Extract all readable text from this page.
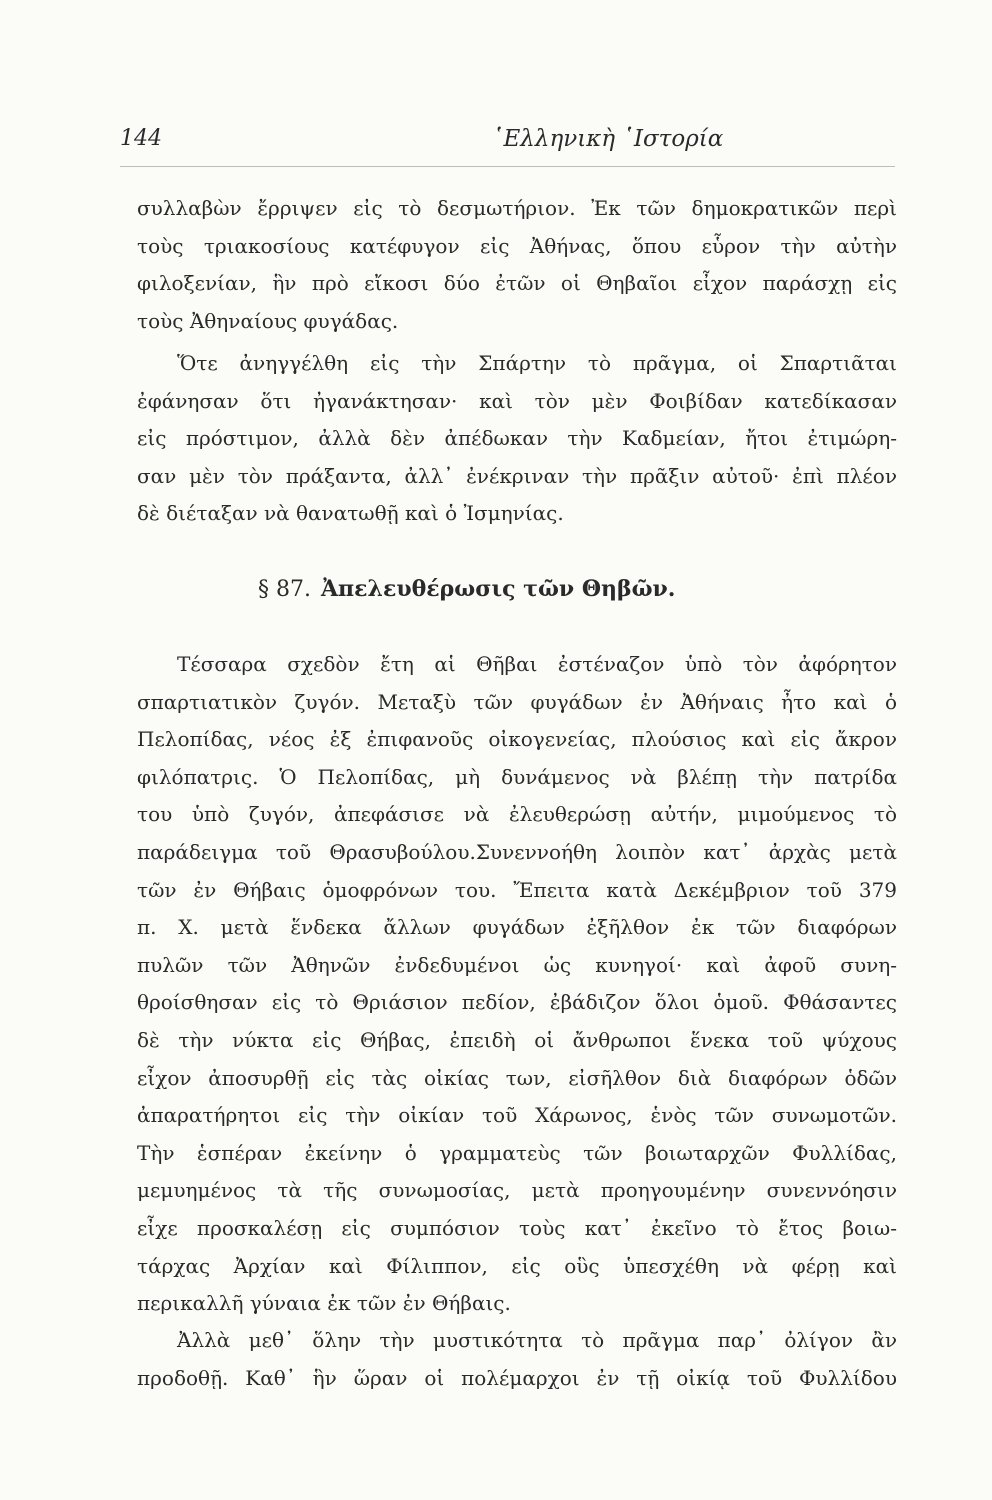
144	῾Ελληνικὴ ῾Ιστορία
συλλαβὼν ἔρριψεν εἰς τὸ δεσμωτήριον. Ἐκ τῶν δημοκρατικῶν περὶ
τοὺς τριακοσίους κατέφυγον εἰς Ἀθήνας, ὅπου εὗρον τὴν αὐτὴν
φιλοξενίαν, ἣν πρὸ εἴκοσι δύο ἐτῶν οἱ Θηβαῖοι εἶχον παράσχῃ εἰς
τοὺς Ἀθηναίους φυγάδας.
Ὅτε ἀνηγγέλθη εἰς τὴν Σπάρτην τὸ πρᾶγμα, οἱ Σπαρτιᾶται
ἐφάνησαν ὅτι ἠγανάκτησαν· καὶ τὸν μὲν Φοιβίδαν κατεδίκασαν
εἰς πρόστιμον, ἀλλὰ δὲν ἀπέδωκαν τὴν Καδμείαν, ἤτοι ἐτιμώρη-
σαν μὲν τὸν πράξαντα, ἀλλ᾽ ἐνέκριναν τὴν πρᾶξιν αὐτοῦ· ἐπὶ πλέον
δὲ διέταξαν νὰ θανατωθῇ καὶ ὁ Ἰσμηνίας.
§ 87. Ἀπελευθέρωσις τῶν Θηβῶν.
Τέσσαρα σχεδὸν ἔτη αἱ Θῆβαι ἐστέναζον ὑπὸ τὸν ἀφόρητον
σπαρτιατικὸν ζυγόν. Μεταξὺ τῶν φυγάδων ἐν Ἀθήναις ἦτο καὶ ὁ
Πελοπίδας, νέος ἐξ ἐπιφανοῦς οἰκογενείας, πλούσιος καὶ εἰς ἄκρον
φιλόπατρις. Ὁ Πελοπίδας, μὴ δυνάμενος νὰ βλέπῃ τὴν πατρίδα
του ὑπὸ ζυγόν, ἀπεφάσισε νὰ ἐλευθερώσῃ αὐτήν, μιμούμενος τὸ
παράδειγμα τοῦ Θρασυβούλου.Συνεννοήθη λοιπὸν κατ᾽ ἀρχὰς μετὰ
τῶν ἐν Θήβαις ὁμοφρόνων του. Ἔπειτα κατὰ Δεκέμβριον τοῦ 379
π. Χ. μετὰ ἕνδεκα ἄλλων φυγάδων ἐξῆλθον ἐκ τῶν διαφόρων
πυλῶν τῶν Ἀθηνῶν ἐνδεδυμένοι ὡς κυνηγοί· καὶ ἀφοῦ συνη-
θροίσθησαν εἰς τὸ Θριάσιον πεδίον, ἐβάδιζον ὅλοι ὁμοῦ. Φθάσαντες
δὲ τὴν νύκτα εἰς Θήβας, ἐπειδὴ οἱ ἄνθρωποι ἕνεκα τοῦ ψύχους
εἶχον ἀποσυρθῇ εἰς τὰς οἰκίας των, εἰσῆλθον διὰ διαφόρων ὁδῶν
ἀπαρατήρητοι εἰς τὴν οἰκίαν τοῦ Χάρωνος, ἑνὸς τῶν συνωμοτῶν.
Τὴν ἑσπέραν ἐκείνην ὁ γραμματεὺς τῶν βοιωταρχῶν Φυλλίδας,
μεμυημένος τὰ τῆς συνωμοσίας, μετὰ προηγουμένην συνεννόησιν
εἶχε προσκαλέσῃ εἰς συμπόσιον τοὺς κατ᾽ ἐκεῖνο τὸ ἔτος βοιω-
τάρχας Ἀρχίαν καὶ Φίλιππον, εἰς οὓς ὑπεσχέθη νὰ φέρῃ καὶ
περικαλλῆ γύναια ἐκ τῶν ἐν Θήβαις.
Ἀλλὰ μεθ᾽ ὅλην τὴν μυστικότητα τὸ πρᾶγμα παρ᾽ ὀλίγον ἂν
προδοθῇ. Καθ᾽ ἣν ὥραν οἱ πολέμαρχοι ἐν τῇ οἰκίᾳ τοῦ Φυλλίδου
